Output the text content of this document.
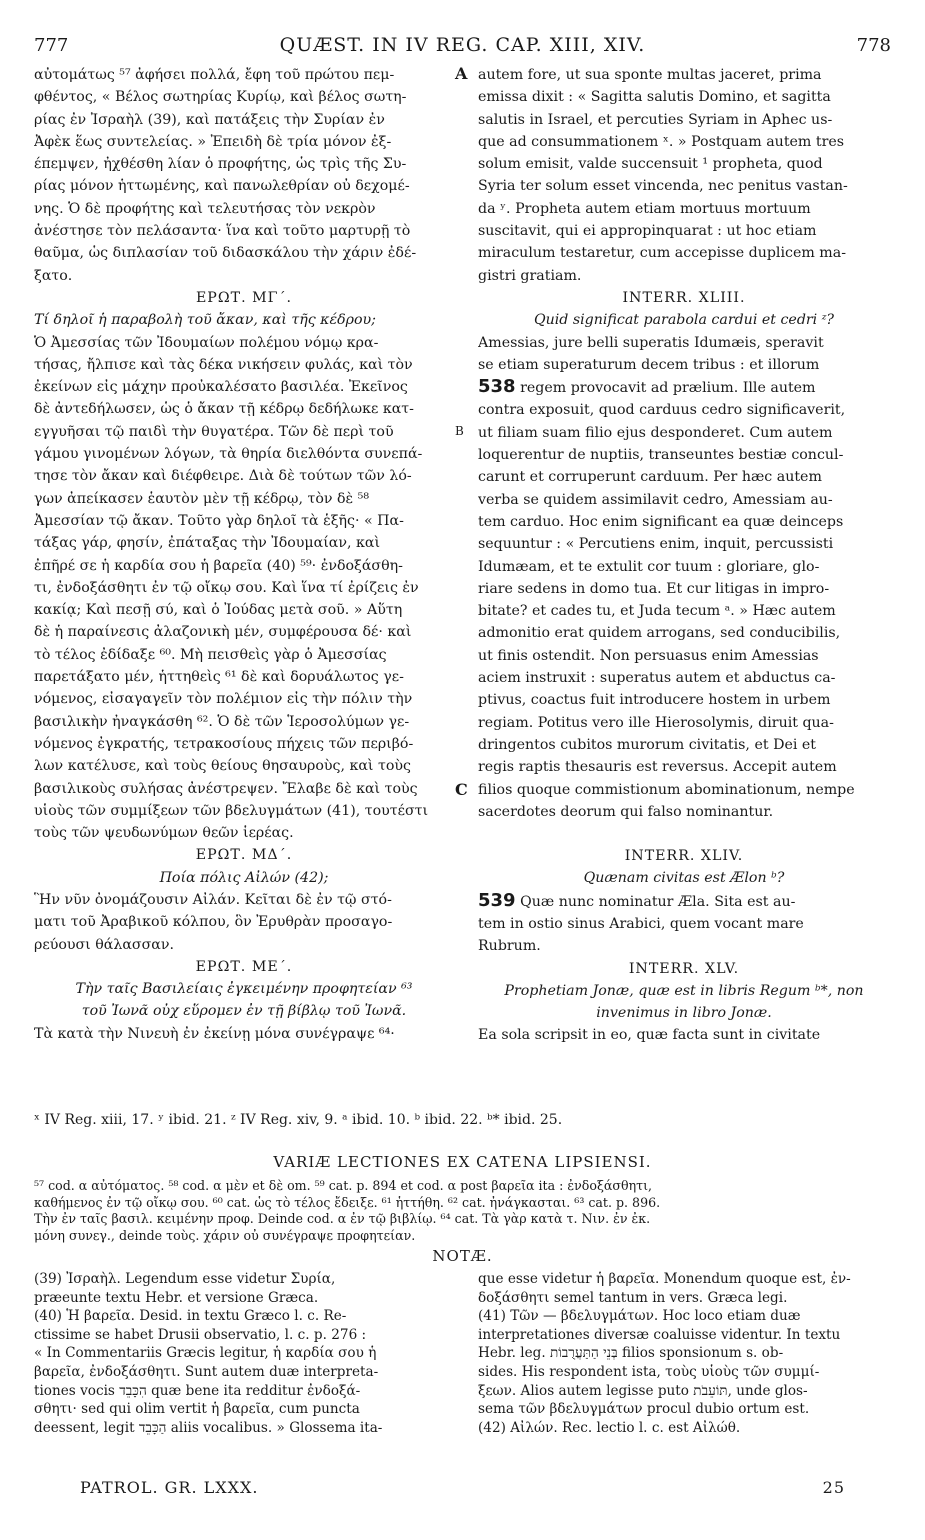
777	QUÆST. IN IV REG. CAP. XIII, XIV.	778
αὐτομάτως ⁵⁷ ἀφήσει πολλά, ἔφη τοῦ πρώτου πεμ-
φθέντος, « Βέλος σωτηρίας Κυρίῳ, καὶ βέλος σωτη-
ρίας ἐν Ἰσραὴλ (39), καὶ πατάξεις τὴν Συρίαν ἐν
Ἀφὲκ ἕως συντελείας. » Ἐπειδὴ δὲ τρία μόνον ἐξ-
έπεμψεν, ἠχθέσθη λίαν ὁ προφήτης, ὡς τρὶς τῆς Συ-
ρίας μόνον ἡττωμένης, καὶ πανωλεθρίαν οὐ δεχομέ-
νης. Ὁ δὲ προφήτης καὶ τελευτήσας τὸν νεκρὸν
ἀνέστησε τὸν πελάσαντα· ἵνα καὶ τοῦτο μαρτυρῇ τὸ
θαῦμα, ὡς διπλασίαν τοῦ διδασκάλου τὴν χάριν ἐδέ-
ξατο.
ΕΡΩΤ. ΜΓ΄.
Τί δηλοῖ ἡ παραβολὴ τοῦ ἄκαν, καὶ τῆς κέδρου;
Ὁ Ἀμεσσίας τῶν Ἰδουμαίων πολέμου νόμῳ κρα-
τήσας, ἤλπισε καὶ τὰς δέκα νικήσειν φυλάς, καὶ τὸν
ἐκείνων εἰς μάχην προὐκαλέσατο βασιλέα. Ἐκεῖνος
δὲ ἀντεδήλωσεν, ὡς ὁ ἄκαν τῇ κέδρῳ δεδήλωκε κατ-
εγγυῆσαι τῷ παιδὶ τὴν θυγατέρα. Τῶν δὲ περὶ τοῦ
γάμου γινομένων λόγων, τὰ θηρία διελθόντα συνεπά-
τησε τὸν ἄκαν καὶ διέφθειρε. Διὰ δὲ τούτων τῶν λό-
γων ἀπείκασεν ἑαυτὸν μὲν τῇ κέδρῳ, τὸν δὲ ⁵⁸
Ἀμεσσίαν τῷ ἄκαν. Τοῦτο γὰρ δηλοῖ τὰ ἑξῆς· « Πα-
τάξας γάρ, φησίν, ἐπάταξας τὴν Ἰδουμαίαν, καὶ
ἐπῆρέ σε ἡ καρδία σου ἡ βαρεῖα (40) ⁵⁹· ἐνδοξάσθη-
τι, ἐνδοξάσθητι ἐν τῷ οἴκῳ σου. Καὶ ἵνα τί ἐρίζεις ἐν
κακίᾳ; Καὶ πεσῇ σύ, καὶ ὁ Ἰούδας μετὰ σοῦ. » Αὕτη
δὲ ἡ παραίνεσις ἀλαζονικὴ μέν, συμφέρουσα δέ· καὶ
τὸ τέλος ἐδίδαξε ⁶⁰. Μὴ πεισθεὶς γὰρ ὁ Ἀμεσσίας
παρετάξατο μέν, ἡττηθεὶς ⁶¹ δὲ καὶ δορυάλωτος γε-
νόμενος, εἰσαγαγεῖν τὸν πολέμιον εἰς τὴν πόλιν τὴν
βασιλικὴν ἠναγκάσθη ⁶². Ὁ δὲ τῶν Ἱεροσολύμων γε-
νόμενος ἐγκρατής, τετρακοσίους πήχεις τῶν περιβό-
λων κατέλυσε, καὶ τοὺς θείους θησαυροὺς, καὶ τοὺς
βασιλικοὺς συλήσας ἀνέστρεψεν. Ἔλαβε δὲ καὶ τοὺς
υἱοὺς τῶν συμμίξεων τῶν βδελυγμάτων (41), τουτέστι
τοὺς τῶν ψευδωνύμων θεῶν ἱερέας.
ΕΡΩΤ. ΜΔ΄.
Ποία πόλις Αἰλών (42);
Ἣν νῦν ὀνομάζουσιν Αἰλάν. Κεῖται δὲ ἐν τῷ στό-
ματι τοῦ Ἀραβικοῦ κόλπου, ὃν Ἐρυθρὰν προσαγο-
ρεύουσι θάλασσαν.
ΕΡΩΤ. ΜΕ΄.
Τὴν ταῖς Βασιλείαις ἐγκειμένην προφητείαν ⁶³
τοῦ Ἰωνᾶ οὐχ εὕρομεν ἐν τῇ βίβλῳ τοῦ Ἰωνᾶ.
Τὰ κατὰ τὴν Νινευὴ ἐν ἐκείνῃ μόνα συνέγραψε ⁶⁴·
A
B
C
autem fore, ut sua sponte multas jaceret, prima
emissa dixit : « Sagitta salutis Domino, et sagitta
salutis in Israel, et percuties Syriam in Aphec us-
que ad consummationem ˣ. » Postquam autem tres
solum emisit, valde succensuit ¹ propheta, quod
Syria ter solum esset vincenda, nec penitus vastan-
da ʸ. Propheta autem etiam mortuus mortuum
suscitavit, qui ei appropinquarat : ut hoc etiam
miraculum testaretur, cum accepisse duplicem ma-
gistri gratiam.
INTERR. XLIII.
Quid significat parabola cardui et cedri ᶻ?
Amessias, jure belli superatis Idumæis, speravit
se etiam superaturum decem tribus : et illorum
538 regem provocavit ad prælium. Ille autem
contra exposuit, quod carduus cedro significaverit,
ut filiam suam filio ejus desponderet. Cum autem
loquerentur de nuptiis, transeuntes bestiæ concul-
carunt et corruperunt carduum. Per hæc autem
verba se quidem assimilavit cedro, Amessiam au-
tem carduo. Hoc enim significant ea quæ deinceps
sequuntur : « Percutiens enim, inquit, percussisti
Idumæam, et te extulit cor tuum : gloriare, glo-
riare sedens in domo tua. Et cur litigas in impro-
bitate? et cades tu, et Juda tecum ᵃ. » Hæc autem
admonitio erat quidem arrogans, sed conducibilis,
ut finis ostendit. Non persuasus enim Amessias
aciem instruxit : superatus autem et abductus ca-
ptivus, coactus fuit introducere hostem in urbem
regiam. Potitus vero ille Hierosolymis, diruit qua-
dringentos cubitos murorum civitatis, et Dei et
regis raptis thesauris est reversus. Accepit autem
filios quoque commistionum abominationum, nempe
sacerdotes deorum qui falso nominantur.
INTERR. XLIV.
Quænam civitas est Ælon ᵇ?
539 Quæ nunc nominatur Æla. Sita est au-
tem in ostio sinus Arabici, quem vocant mare
Rubrum.
INTERR. XLV.
Prophetiam Jonæ, quæ est in libris Regum ᵇ*, non
invenimus in libro Jonæ.
Ea sola scripsit in eo, quæ facta sunt in civitate
ˣ IV Reg. xiii, 17. ʸ ibid. 21. ᶻ IV Reg. xiv, 9. ᵃ ibid. 10. ᵇ ibid. 22. ᵇ* ibid. 25.
VARIÆ LECTIONES EX CATENA LIPSIENSI.
⁵⁷ cod. α αὐτόματος. ⁵⁸ cod. α μὲν et δὲ om. ⁵⁹ cat. p. 894 et cod. α post βαρεῖα ita : ἐνδοξάσθητι,
καθήμενος ἐν τῷ οἴκῳ σου. ⁶⁰ cat. ὡς τὸ τέλος ἔδειξε. ⁶¹ ἡττήθη. ⁶² cat. ἠνάγκασται. ⁶³ cat. p. 896.
Τὴν ἐν ταῖς βασιλ. κειμένην προφ. Deinde cod. α ἐν τῷ βιβλίῳ. ⁶⁴ cat. Τὰ γὰρ κατὰ τ. Νιν. ἐν ἐκ.
μόνη συνεγ., deinde τοὺς. χάριν οὐ συνέγραψε προφητείαν.
NOTÆ.
(39) Ἰσραὴλ. Legendum esse videtur Συρία,
præeunte textu Hebr. et versione Græca.
(40) Ἡ βαρεῖα. Desid. in textu Græco l. c. Re-
ctissime se habet Drusii observatio, l. c. p. 276 :
« In Commentariis Græcis legitur, ἡ καρδία σου ἡ
βαρεῖα, ἐνδοξάσθητι. Sunt autem duæ interpreta-
tiones vocis הִכָּבֵד quæ bene ita redditur ἐνδοξά-
σθητι· sed qui olim vertit ἡ βαρεῖα, cum puncta
deessent, legit הַכָּבֵד aliis vocalibus. » Glossema ita-
que esse videtur ἡ βαρεῖα. Monendum quoque est, ἐν-
δοξάσθητι semel tantum in vers. Græca legi.
(41) Τῶν — βδελυγμάτων. Hoc loco etiam duæ
interpretationes diversæ coaluisse videntur. In textu
Hebr. leg. בְּנֵי הַתַּעֲרֻבוֹת filios sponsionum s. ob-
sides. His respondent ista, τοὺς υἱοὺς τῶν συμμί-
ξεων. Alios autem legisse puto תּוֹעֵבֹת, unde glos-
sema τῶν βδελυγμάτων procul dubio ortum est.
(42) Αἰλών. Rec. lectio l. c. est Αἰλώθ.
PATROL. GR. LXXX.	25
